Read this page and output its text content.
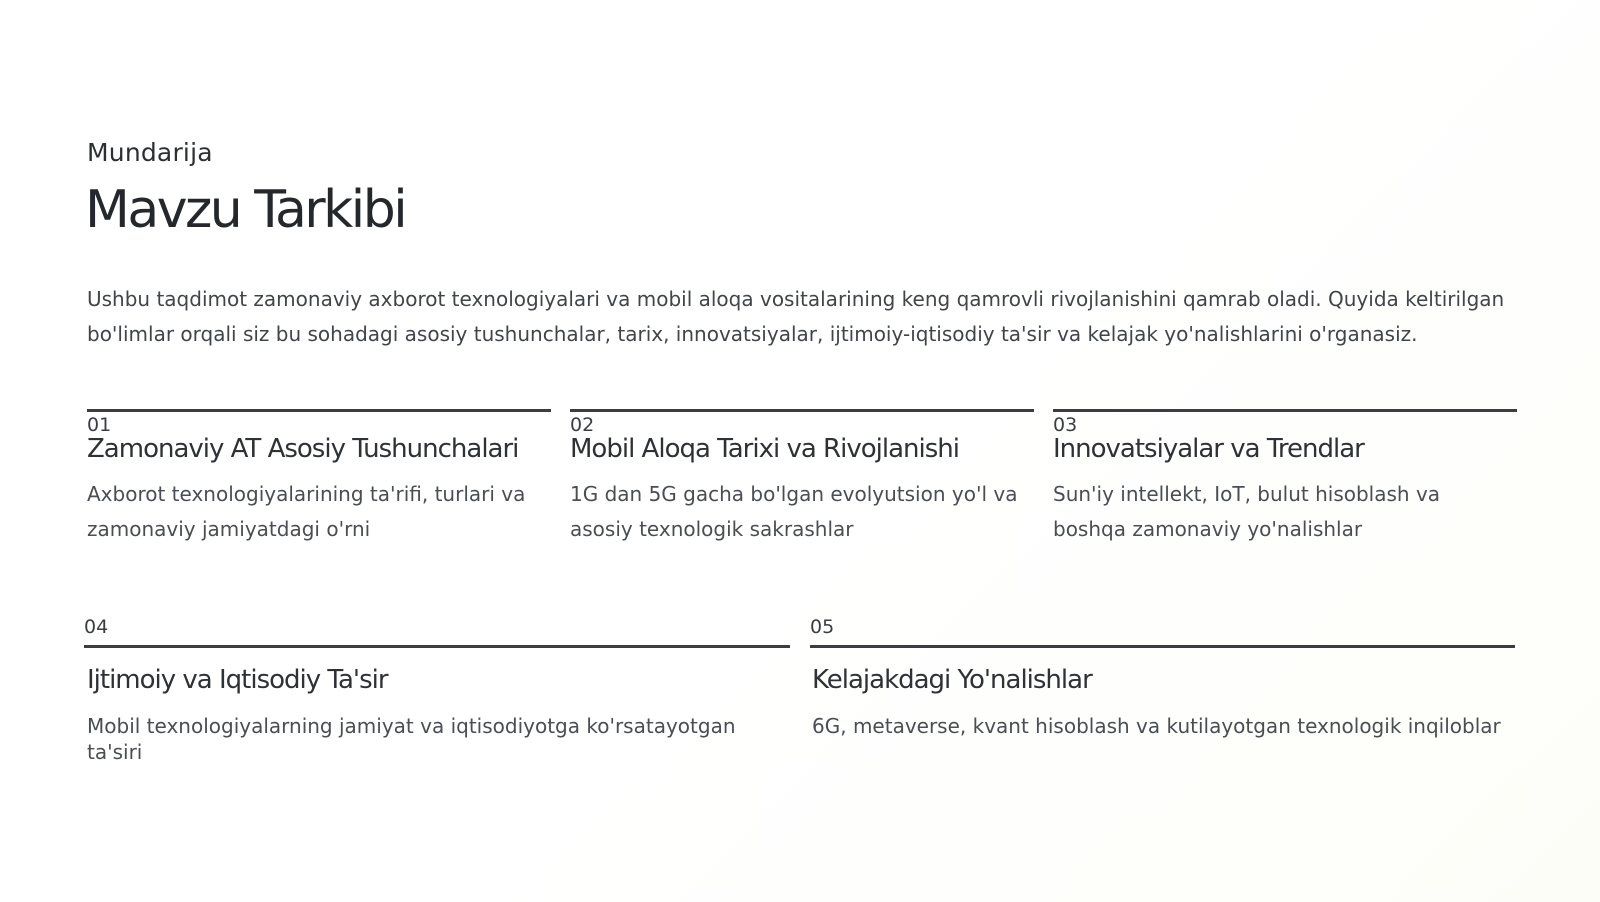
Mundarija
Mavzu Tarkibi
Ushbu taqdimot zamonaviy axborot texnologiyalari va mobil aloqa vositalarining keng qamrovli rivojlanishini qamrab oladi. Quyida keltirilgan bo'limlar orqali siz bu sohadagi asosiy tushunchalar, tarix, innovatsiyalar, ijtimoiy-iqtisodiy ta'sir va kelajak yo'nalishlarini o'rganasiz.
01
Zamonaviy AT Asosiy Tushunchalari
Axborot texnologiyalarining ta'rifi, turlari va zamonaviy jamiyatdagi o'rni
02
Mobil Aloqa Tarixi va Rivojlanishi
1G dan 5G gacha bo'lgan evolyutsion yo'l va asosiy texnologik sakrashlar
03
Innovatsiyalar va Trendlar
Sun'iy intellekt, IoT, bulut hisoblash va boshqa zamonaviy yo'nalishlar
04
Ijtimoiy va Iqtisodiy Ta'sir
Mobil texnologiyalarning jamiyat va iqtisodiyotga ko'rsatayotgan ta'siri
05
Kelajakdagi Yo'nalishlar
6G, metaverse, kvant hisoblash va kutilayotgan texnologik inqiloblar
